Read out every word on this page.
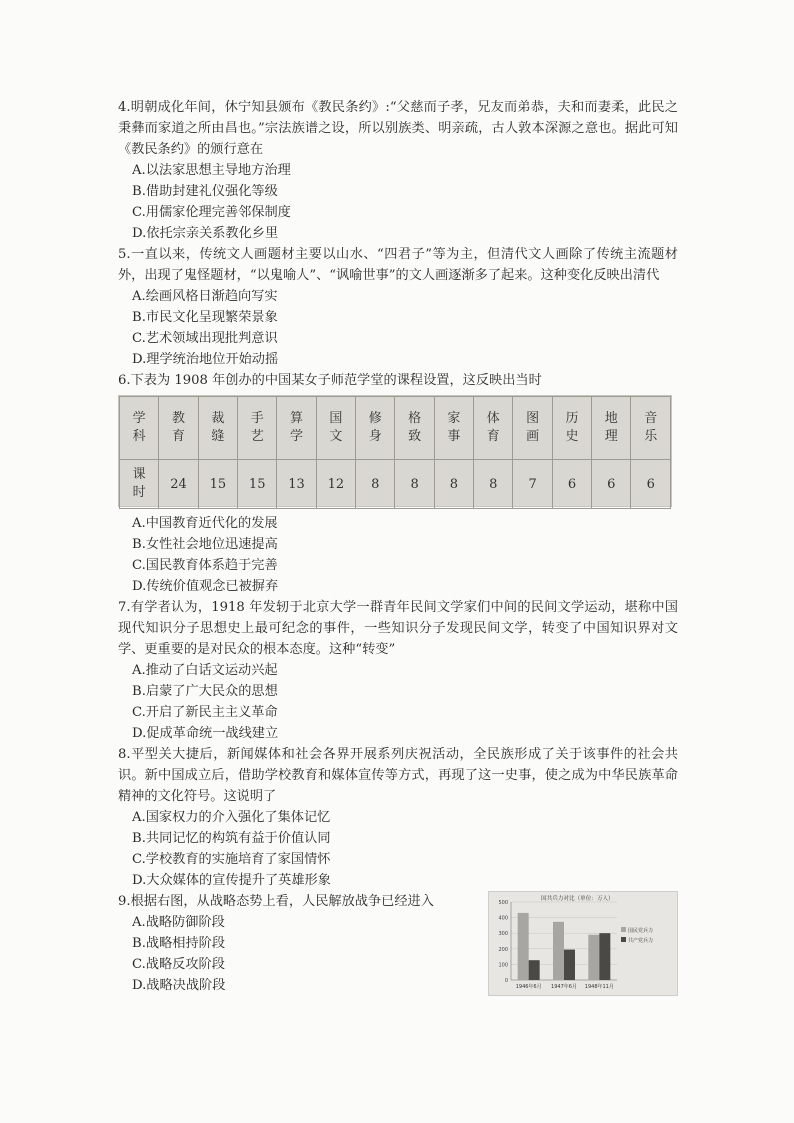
4.明朝成化年间，休宁知县颁布《教民条约》:“父慈而子孝，兄友而弟恭，夫和而妻柔，此民之秉彝而家道之所由昌也。”宗法族谱之设，所以别族类、明亲疏，古人敦本深源之意也。据此可知《教民条约》的颁行意在

A.以法家思想主导地方治理
B.借助封建礼仪强化等级
C.用儒家伦理完善邻保制度
D.依托宗亲关系教化乡里

5.一直以来，传统文人画题材主要以山水、“四君子”等为主，但清代文人画除了传统主流题材外，出现了鬼怪题材，“以鬼喻人”、“讽喻世事”的文人画逐渐多了起来。这种变化反映出清代

A.绘画风格日渐趋向写实
B.市民文化呈现繁荣景象
C.艺术领域出现批判意识
D.理学统治地位开始动摇

6.下表为 1908 年创办的中国某女子师范学堂的课程设置，这反映出当时

学科	教育	裁缝	手艺	算学	国文	修身	格致	家事	体育	图画	历史	地理	音乐
课时	24	15	15	13	12	8	8	8	8	7	6	6	6
A.中国教育近代化的发展
B.女性社会地位迅速提高
C.国民教育体系趋于完善
D.传统价值观念已被摒弃

7.有学者认为，1918 年发轫于北京大学一群青年民间文学家们中间的民间文学运动，堪称中国现代知识分子思想史上最可纪念的事件，一些知识分子发现民间文学，转变了中国知识界对文学、更重要的是对民众的根本态度。这种“转变”

A.推动了白话文运动兴起
B.启蒙了广大民众的思想
C.开启了新民主主义革命
D.促成革命统一战线建立

8.平型关大捷后，新闻媒体和社会各界开展系列庆祝活动，全民族形成了关于该事件的社会共识。新中国成立后，借助学校教育和媒体宣传等方式，再现了这一史事，使之成为中华民族革命精神的文化符号。这说明了

A.国家权力的介入强化了集体记忆
B.共同记忆的构筑有益于价值认同
C.学校教育的实施培育了家国情怀
D.大众媒体的宣传提升了英雄形象

9.根据右图，从战略态势上看，人民解放战争已经进入

A.战略防御阶段
B.战略相持阶段
C.战略反攻阶段
D.战略决战阶段
国共兵力对比（单位：万人）
0
100
200
300
400
500
1946年6月 1947年6月 1948年11月
国民党兵力
共产党兵力
